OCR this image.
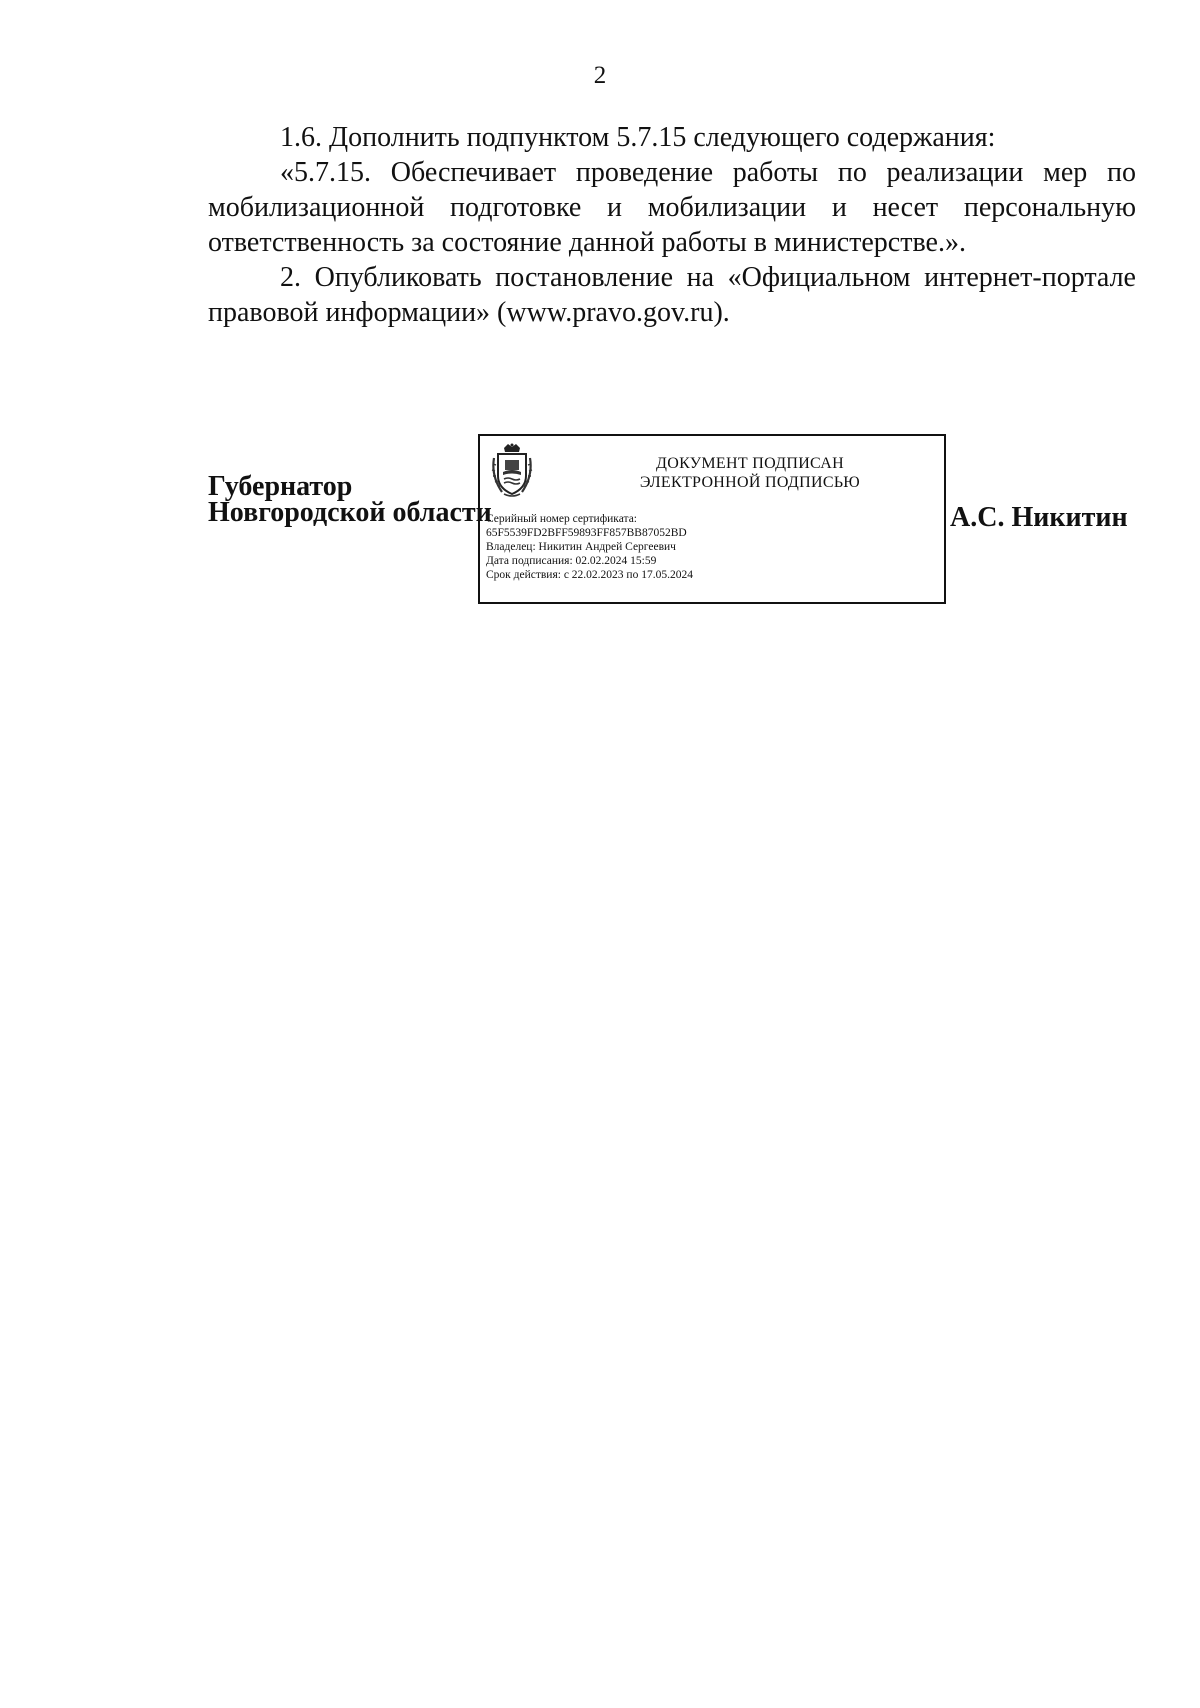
2

1.6. Дополнить подпунктом 5.7.15 следующего содержания:

«5.7.15. Обеспечивает проведение работы по реализации мер по мобилизационной подготовке и мобилизации и несет персональную ответственность за состояние данной работы в министерстве.».

2. Опубликовать постановление на «Официальном интернет-портале правовой информации» (www.pravo.gov.ru).

Губернатор
Новгородской области
ДОКУМЕНТ ПОДПИСАН
ЭЛЕКТРОННОЙ ПОДПИСЬЮ
Серийный номер сертификата:
65F5539FD2BFF59893FF857BB87052BD
Владелец: Никитин Андрей Сергеевич
Дата подписания: 02.02.2024 15:59
Срок действия: с 22.02.2023 по 17.05.2024
А.С. Никитин
